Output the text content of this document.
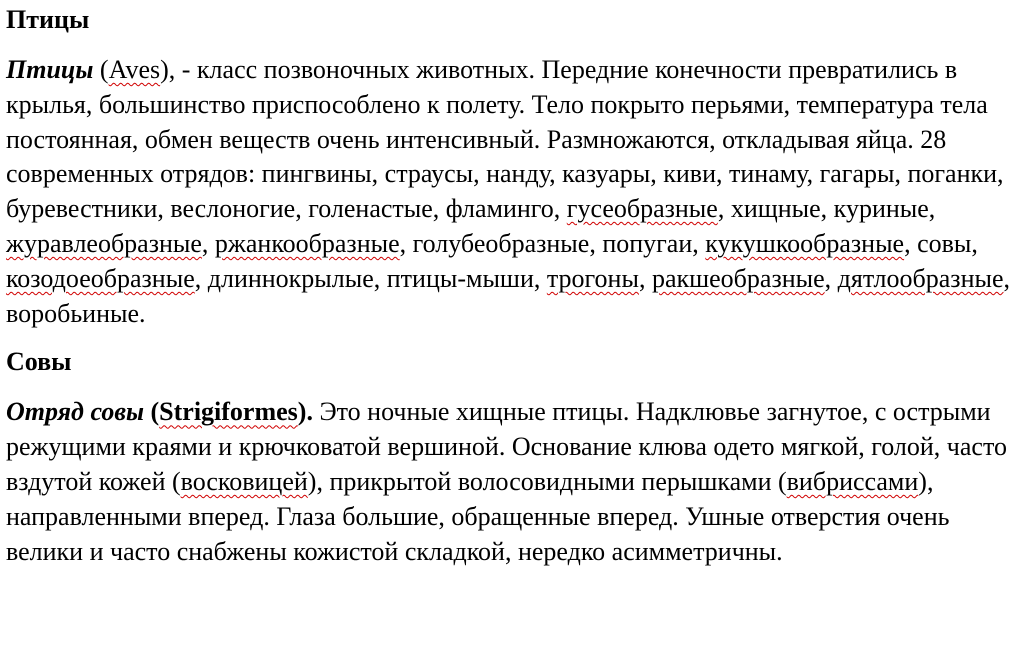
Птицы

Птицы (Aves), - класс позвоночных животных. Передние конечности превратились в крылья, большинство приспособлено к полету. Тело покрыто перьями, температура тела постоянная, обмен веществ очень интенсивный. Размножаются, откладывая яйца. 28 современных отрядов: пингвины, страусы, нанду, казуары, киви, тинаму, гагары, поганки, буревестники, веслоногие, голенастые, фламинго, гусеобразные, хищные, куриные, журавлеобразные, ржанкообразные, голубеобразные, попугаи, кукушкообразные, совы, козодоеобразные, длиннокрылые, птицы-мыши, трогоны, ракшеобразные, дятлообразные, воробьиные.

Совы

Отряд совы (Strigiformes). Это ночные хищные птицы. Надклювье загнутое, с острыми режущими краями и крючковатой вершиной. Основание клюва одето мягкой, голой, часто вздутой кожей (восковицей), прикрытой волосовидными перышками (вибриссами), направленными вперед. Глаза большие, обращенные вперед. Ушные отверстия очень велики и часто снабжены кожистой складкой, нередко асимметричны.
